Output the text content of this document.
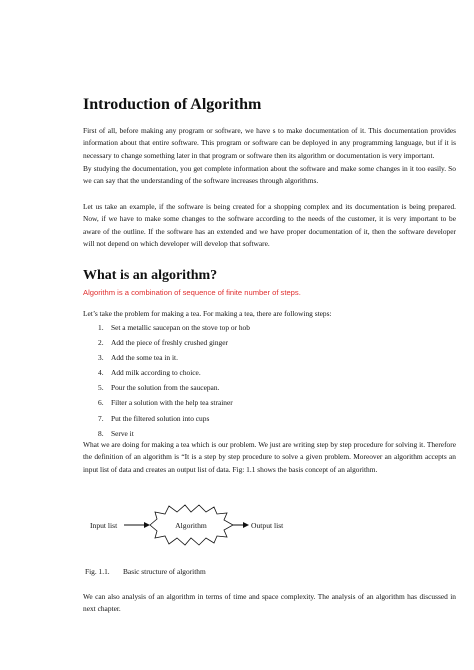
Introduction of Algorithm

First of all, before making any program or software, we have s to make documentation of it. This documentation provides information about that entire software. This program or software can be deployed in any programming language, but if it is necessary to change something later in that program or software then its algorithm or documentation is very important.

By studying the documentation, you get complete information about the software and make some changes in it too easily. So we can say that the understanding of the software increases through algorithms.

Let us take an example, if the software is being created for a shopping complex and its documentation is being prepared. Now, if we have to make some changes to the software according to the needs of the customer, it is very important to be aware of the outline. If the software has an extended and we have proper documentation of it, then the software developer will not depend on which developer will develop that software.

What is an algorithm?
Algorithm is a combination of sequence of finite number of steps.
Let’s take the problem for making a tea. For making a tea, there are following steps:
1. Set a metallic saucepan on the stove top or hob
2. Add the piece of freshly crushed ginger
3. Add the some tea in it.
4. Add milk according to choice.
5. Pour the solution from the saucepan.
6. Filter a solution with the help tea strainer
7. Put the filtered solution into cups
8. Serve it

What we are doing for making a tea which is our problem. We just are writing step by step procedure for solving it. Therefore the definition of an algorithm is “It is a step by step procedure to solve a given problem. Moreover an algorithm accepts an input list of data and creates an output list of data. Fig: 1.1 shows the basis concept of an algorithm.

Input list	Algorithm	Output list
Fig. 1.1. Basic structure of algorithm

We can also analysis of an algorithm in terms of time and space complexity. The analysis of an algorithm has discussed in next chapter.
